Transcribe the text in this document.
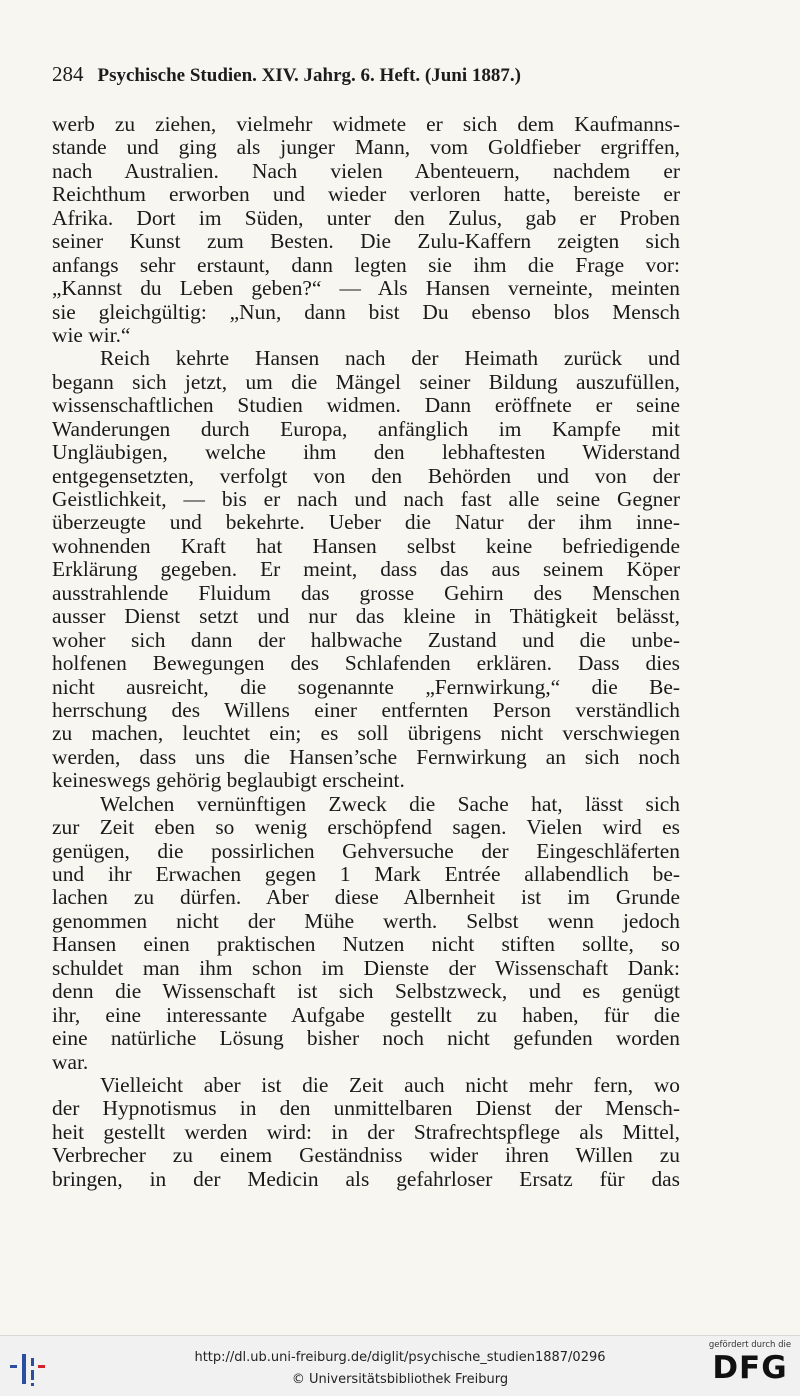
284 Psychische Studien. XIV. Jahrg. 6. Heft. (Juni 1887.)
werb zu ziehen, vielmehr widmete er sich dem Kaufmanns-
stande und ging als junger Mann, vom Goldfieber ergriffen,
nach Australien. Nach vielen Abenteuern, nachdem er
Reichthum erworben und wieder verloren hatte, bereiste er
Afrika. Dort im Süden, unter den Zulus, gab er Proben
seiner Kunst zum Besten. Die Zulu-Kaffern zeigten sich
anfangs sehr erstaunt, dann legten sie ihm die Frage vor:
„Kannst du Leben geben?“ — Als Hansen verneinte, meinten
sie gleichgültig: „Nun, dann bist Du ebenso blos Mensch
wie wir.“
Reich kehrte Hansen nach der Heimath zurück und
begann sich jetzt, um die Mängel seiner Bildung auszufüllen,
wissenschaftlichen Studien widmen. Dann eröffnete er seine
Wanderungen durch Europa, anfänglich im Kampfe mit
Ungläubigen, welche ihm den lebhaftesten Widerstand
entgegensetzten, verfolgt von den Behörden und von der
Geistlichkeit, — bis er nach und nach fast alle seine Gegner
überzeugte und bekehrte. Ueber die Natur der ihm inne-
wohnenden Kraft hat Hansen selbst keine befriedigende
Erklärung gegeben. Er meint, dass das aus seinem Köper
ausstrahlende Fluidum das grosse Gehirn des Menschen
ausser Dienst setzt und nur das kleine in Thätigkeit belässt,
woher sich dann der halbwache Zustand und die unbe-
holfenen Bewegungen des Schlafenden erklären. Dass dies
nicht ausreicht, die sogenannte „Fernwirkung,“ die Be-
herrschung des Willens einer entfernten Person verständlich
zu machen, leuchtet ein; es soll übrigens nicht verschwiegen
werden, dass uns die Hansen’sche Fernwirkung an sich noch
keineswegs gehörig beglaubigt erscheint.
Welchen vernünftigen Zweck die Sache hat, lässt sich
zur Zeit eben so wenig erschöpfend sagen. Vielen wird es
genügen, die possirlichen Gehversuche der Eingeschläferten
und ihr Erwachen gegen 1 Mark Entrée allabendlich be-
lachen zu dürfen. Aber diese Albernheit ist im Grunde
genommen nicht der Mühe werth. Selbst wenn jedoch
Hansen einen praktischen Nutzen nicht stiften sollte, so
schuldet man ihm schon im Dienste der Wissenschaft Dank:
denn die Wissenschaft ist sich Selbstzweck, und es genügt
ihr, eine interessante Aufgabe gestellt zu haben, für die
eine natürliche Lösung bisher noch nicht gefunden worden
war.
Vielleicht aber ist die Zeit auch nicht mehr fern, wo
der Hypnotismus in den unmittelbaren Dienst der Mensch-
heit gestellt werden wird: in der Strafrechtspflege als Mittel,
Verbrecher zu einem Geständniss wider ihren Willen zu
bringen, in der Medicin als gefahrloser Ersatz für das
http://dl.ub.uni-freiburg.de/diglit/psychische_studien1887/0296
© Universitätsbibliothek Freiburg
gefördert durch die
DFG
